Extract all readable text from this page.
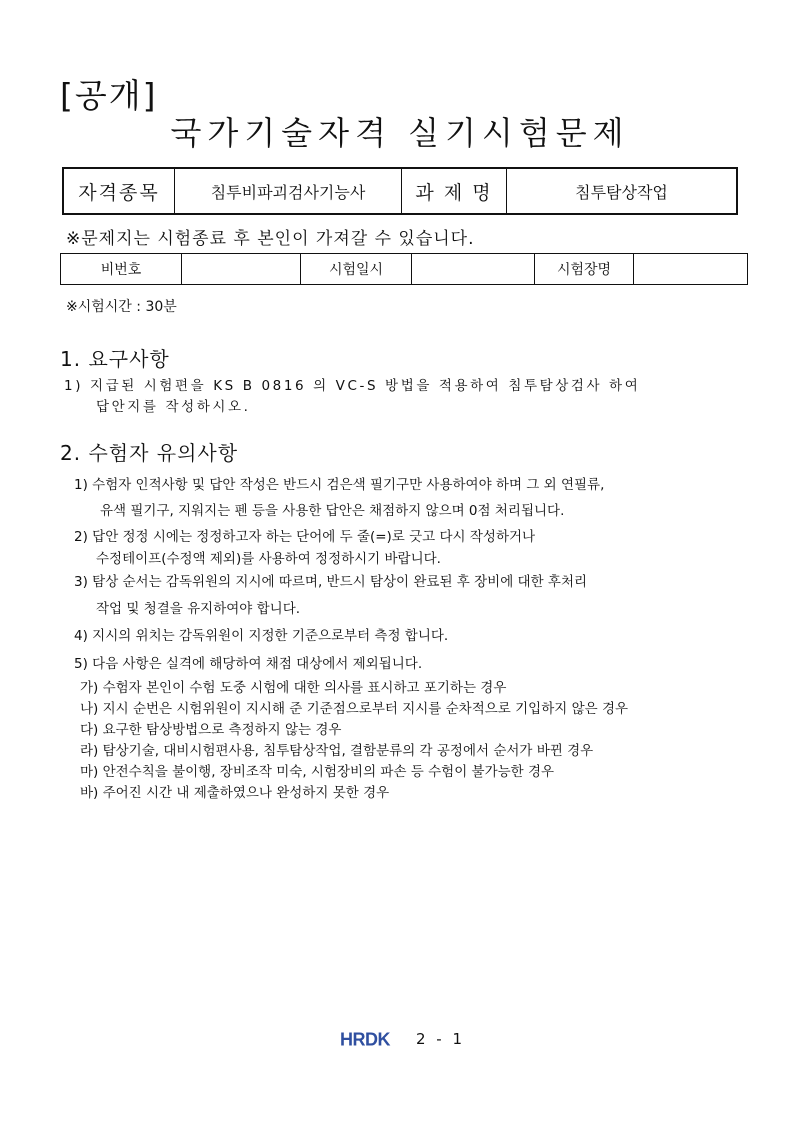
[공개]
국가기술자격 실기시험문제
자격종목	침투비파괴검사기능사	과 제 명	침투탐상작업
※문제지는 시험종료 후 본인이 가져갈 수 있습니다.
비번호		시험일시		시험장명	
※시험시간 : 30분
1. 요구사항
1) 지급된 시험편을 KS B 0816 의 VC-S 방법을 적용하여 침투탐상검사 하여
답안지를 작성하시오.
2. 수험자 유의사항
1) 수험자 인적사항 및 답안 작성은 반드시 검은색 필기구만 사용하여야 하며 그 외 연필류,
유색 필기구, 지워지는 펜 등을 사용한 답안은 채점하지 않으며 0점 처리됩니다.
2) 답안 정정 시에는 정정하고자 하는 단어에 두 줄(=)로 긋고 다시 작성하거나
수정테이프(수정액 제외)를 사용하여 정정하시기 바랍니다.
3) 탐상 순서는 감독위원의 지시에 따르며, 반드시 탐상이 완료된 후 장비에 대한 후처리
작업 및 청결을 유지하여야 합니다.
4) 지시의 위치는 감독위원이 지정한 기준으로부터 측정 합니다.
5) 다음 사항은 실격에 해당하여 채점 대상에서 제외됩니다.
가) 수험자 본인이 수험 도중 시험에 대한 의사를 표시하고 포기하는 경우
나) 지시 순번은 시험위원이 지시해 준 기준점으로부터 지시를 순차적으로 기입하지 않은 경우
다) 요구한 탐상방법으로 측정하지 않는 경우
라) 탐상기술, 대비시험편사용, 침투탐상작업, 결함분류의 각 공정에서 순서가 바뀐 경우
마) 안전수칙을 불이행, 장비조작 미숙, 시험장비의 파손 등 수험이 불가능한 경우
바) 주어진 시간 내 제출하였으나 완성하지 못한 경우
HRDK 2 - 1
